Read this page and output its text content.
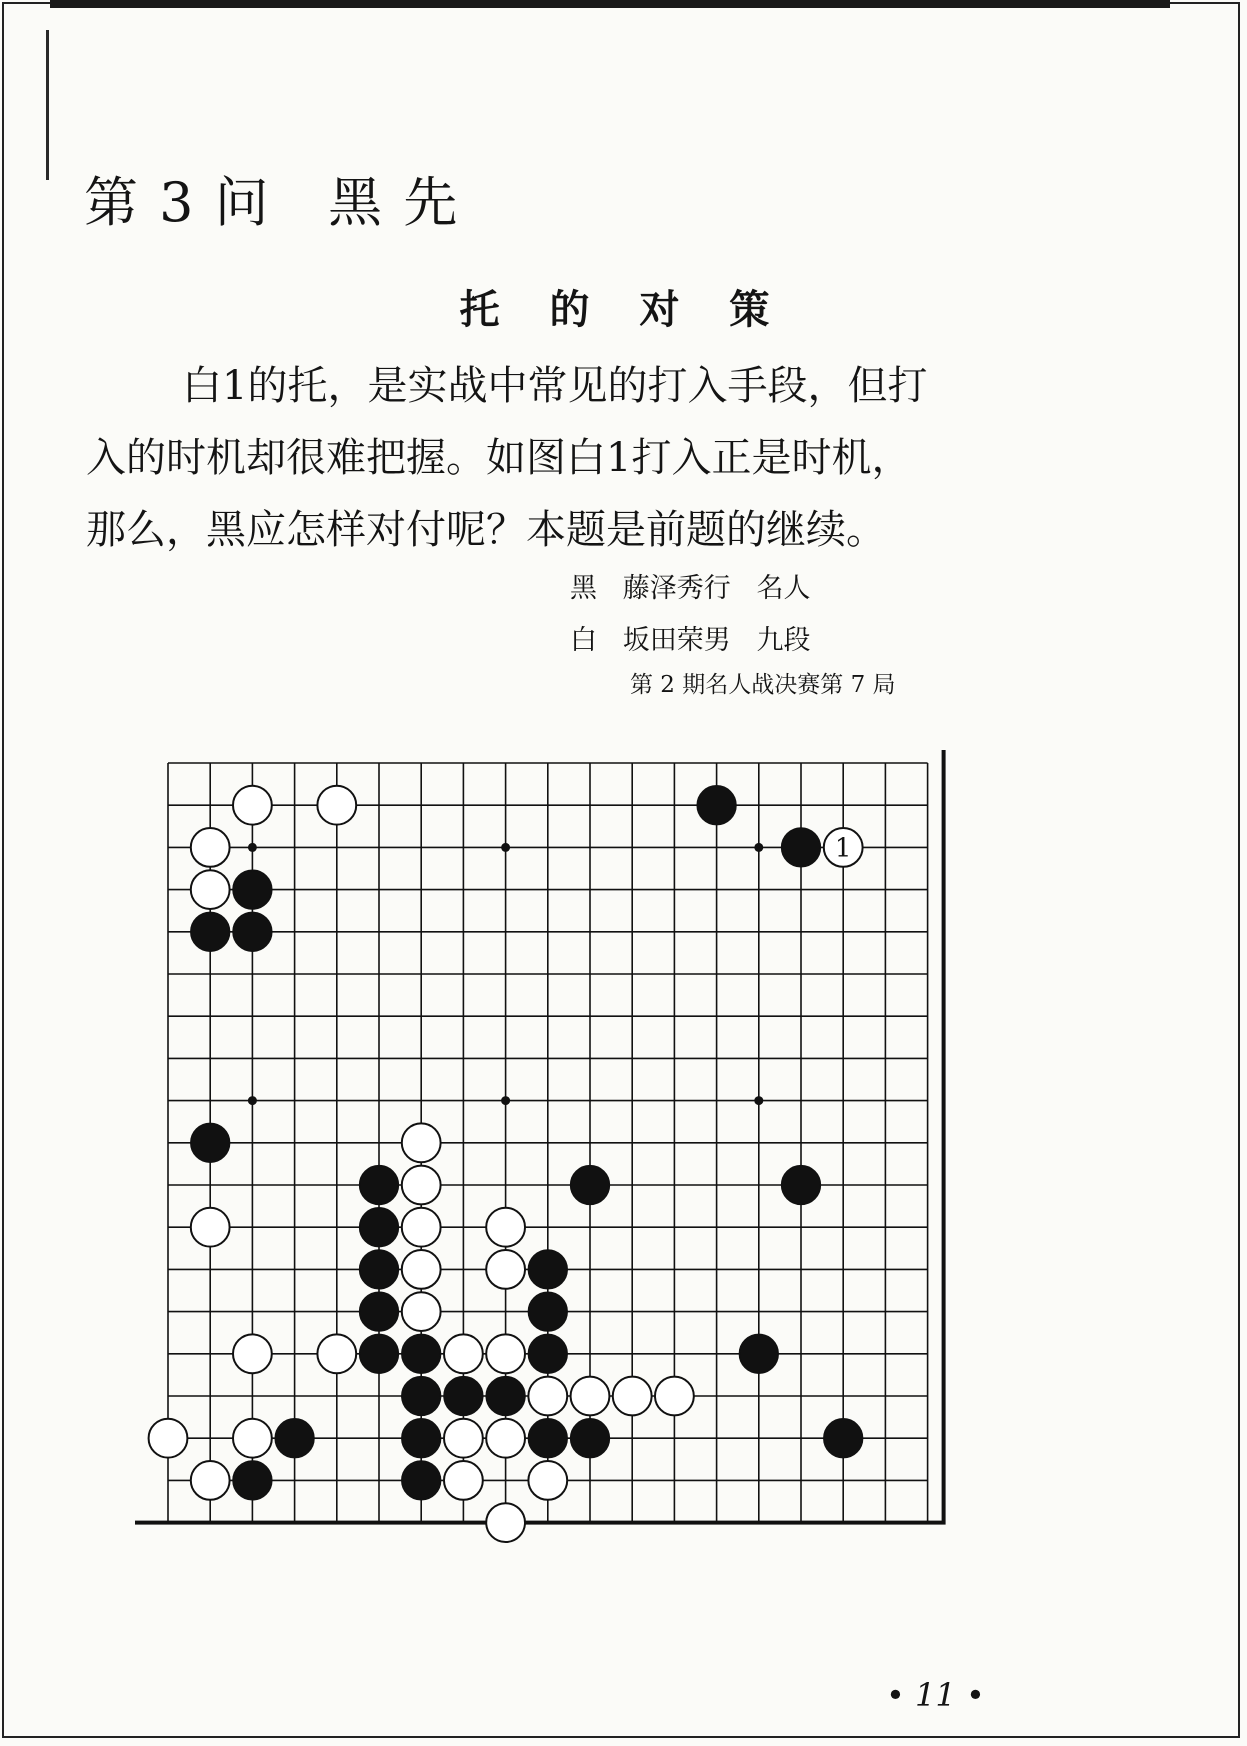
第 3 问   黑 先
托 的 对 策

白1的托，是实战中常见的打入手段，但打
入的时机却很难把握。如图白1打入正是时机，
那么，黑应怎样对付呢？本题是前题的继续。

黑   藤泽秀行   名人
白   坂田荣男   九段
第 2 期名人战决赛第 7 局
1
• 11 •
